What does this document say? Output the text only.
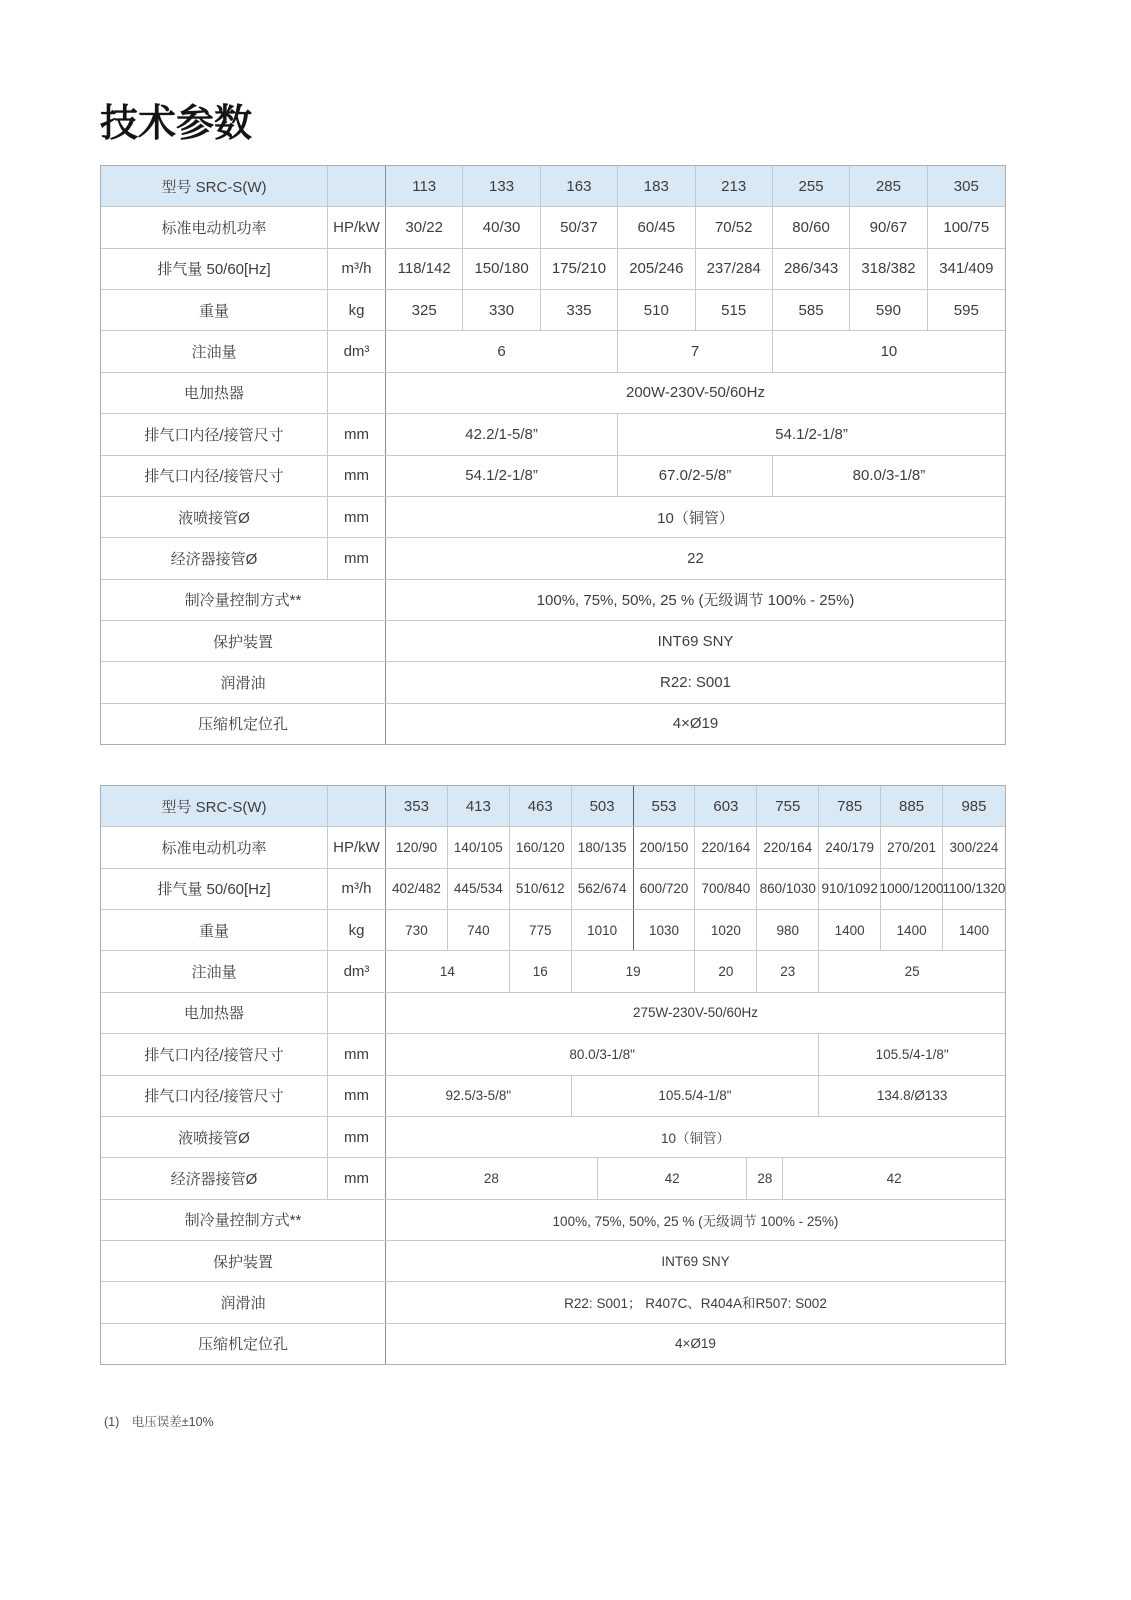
技术参数
型号 SRC-S(W)	113	133	163	183	213	255	285	305
标准电动机功率	HP/kW	30/22	40/30	50/37	60/45	70/52	80/60	90/67	100/75
排气量 50/60[Hz]	m³/h	118/142	150/180	175/210	205/246	237/284	286/343	318/382	341/409
重量	kg	325	330	335	510	515	585	590	595
注油量	dm³	6	7	10
电加热器	200W-230V-50/60Hz
排气口内径/接管尺寸	mm	42.2/1-5/8”	54.1/2-1/8”
排气口内径/接管尺寸	mm	54.1/2-1/8”	67.0/2-5/8”	80.0/3-1/8”
液喷接管Ø	mm	10（铜管）
经济器接管Ø	mm	22
制冷量控制方式**	100%, 75%, 50%, 25 % (无级调节 100% - 25%)
保护装置	INT69 SNY
润滑油	R22: S001
压缩机定位孔	4×Ø19
型号 SRC-S(W)	353	413	463	503	553	603	755	785	885	985
标准电动机功率	HP/kW	120/90	140/105 160/120 180/135 200/150 220/164 220/164 240/179 270/201	300/224
排气量 50/60[Hz]	m³/h	402/482 445/534 510/612 562/674 600/720 700/840 860/1030 910/1092 1000/1200 1100/1320
重量	kg	730	740	775	1010	1030	1020	980	1400	1400	1400
注油量	dm³	14	16	19	20	23	25
电加热器	275W-230V-50/60Hz
排气口内径/接管尺寸	mm	80.0/3-1/8"	105.5/4-1/8"
排气口内径/接管尺寸	mm	92.5/3-5/8"	105.5/4-1/8"	134.8/Ø133
液喷接管Ø	mm	10（铜管）
经济器接管Ø	mm	28	42	28	42
制冷量控制方式**	100%, 75%, 50%, 25 % (无级调节 100% - 25%)
保护装置	INT69 SNY
润滑油	R22: S001； R407C、R404A和R507: S002
压缩机定位孔	4×Ø19
(1)　电压误差±10%
